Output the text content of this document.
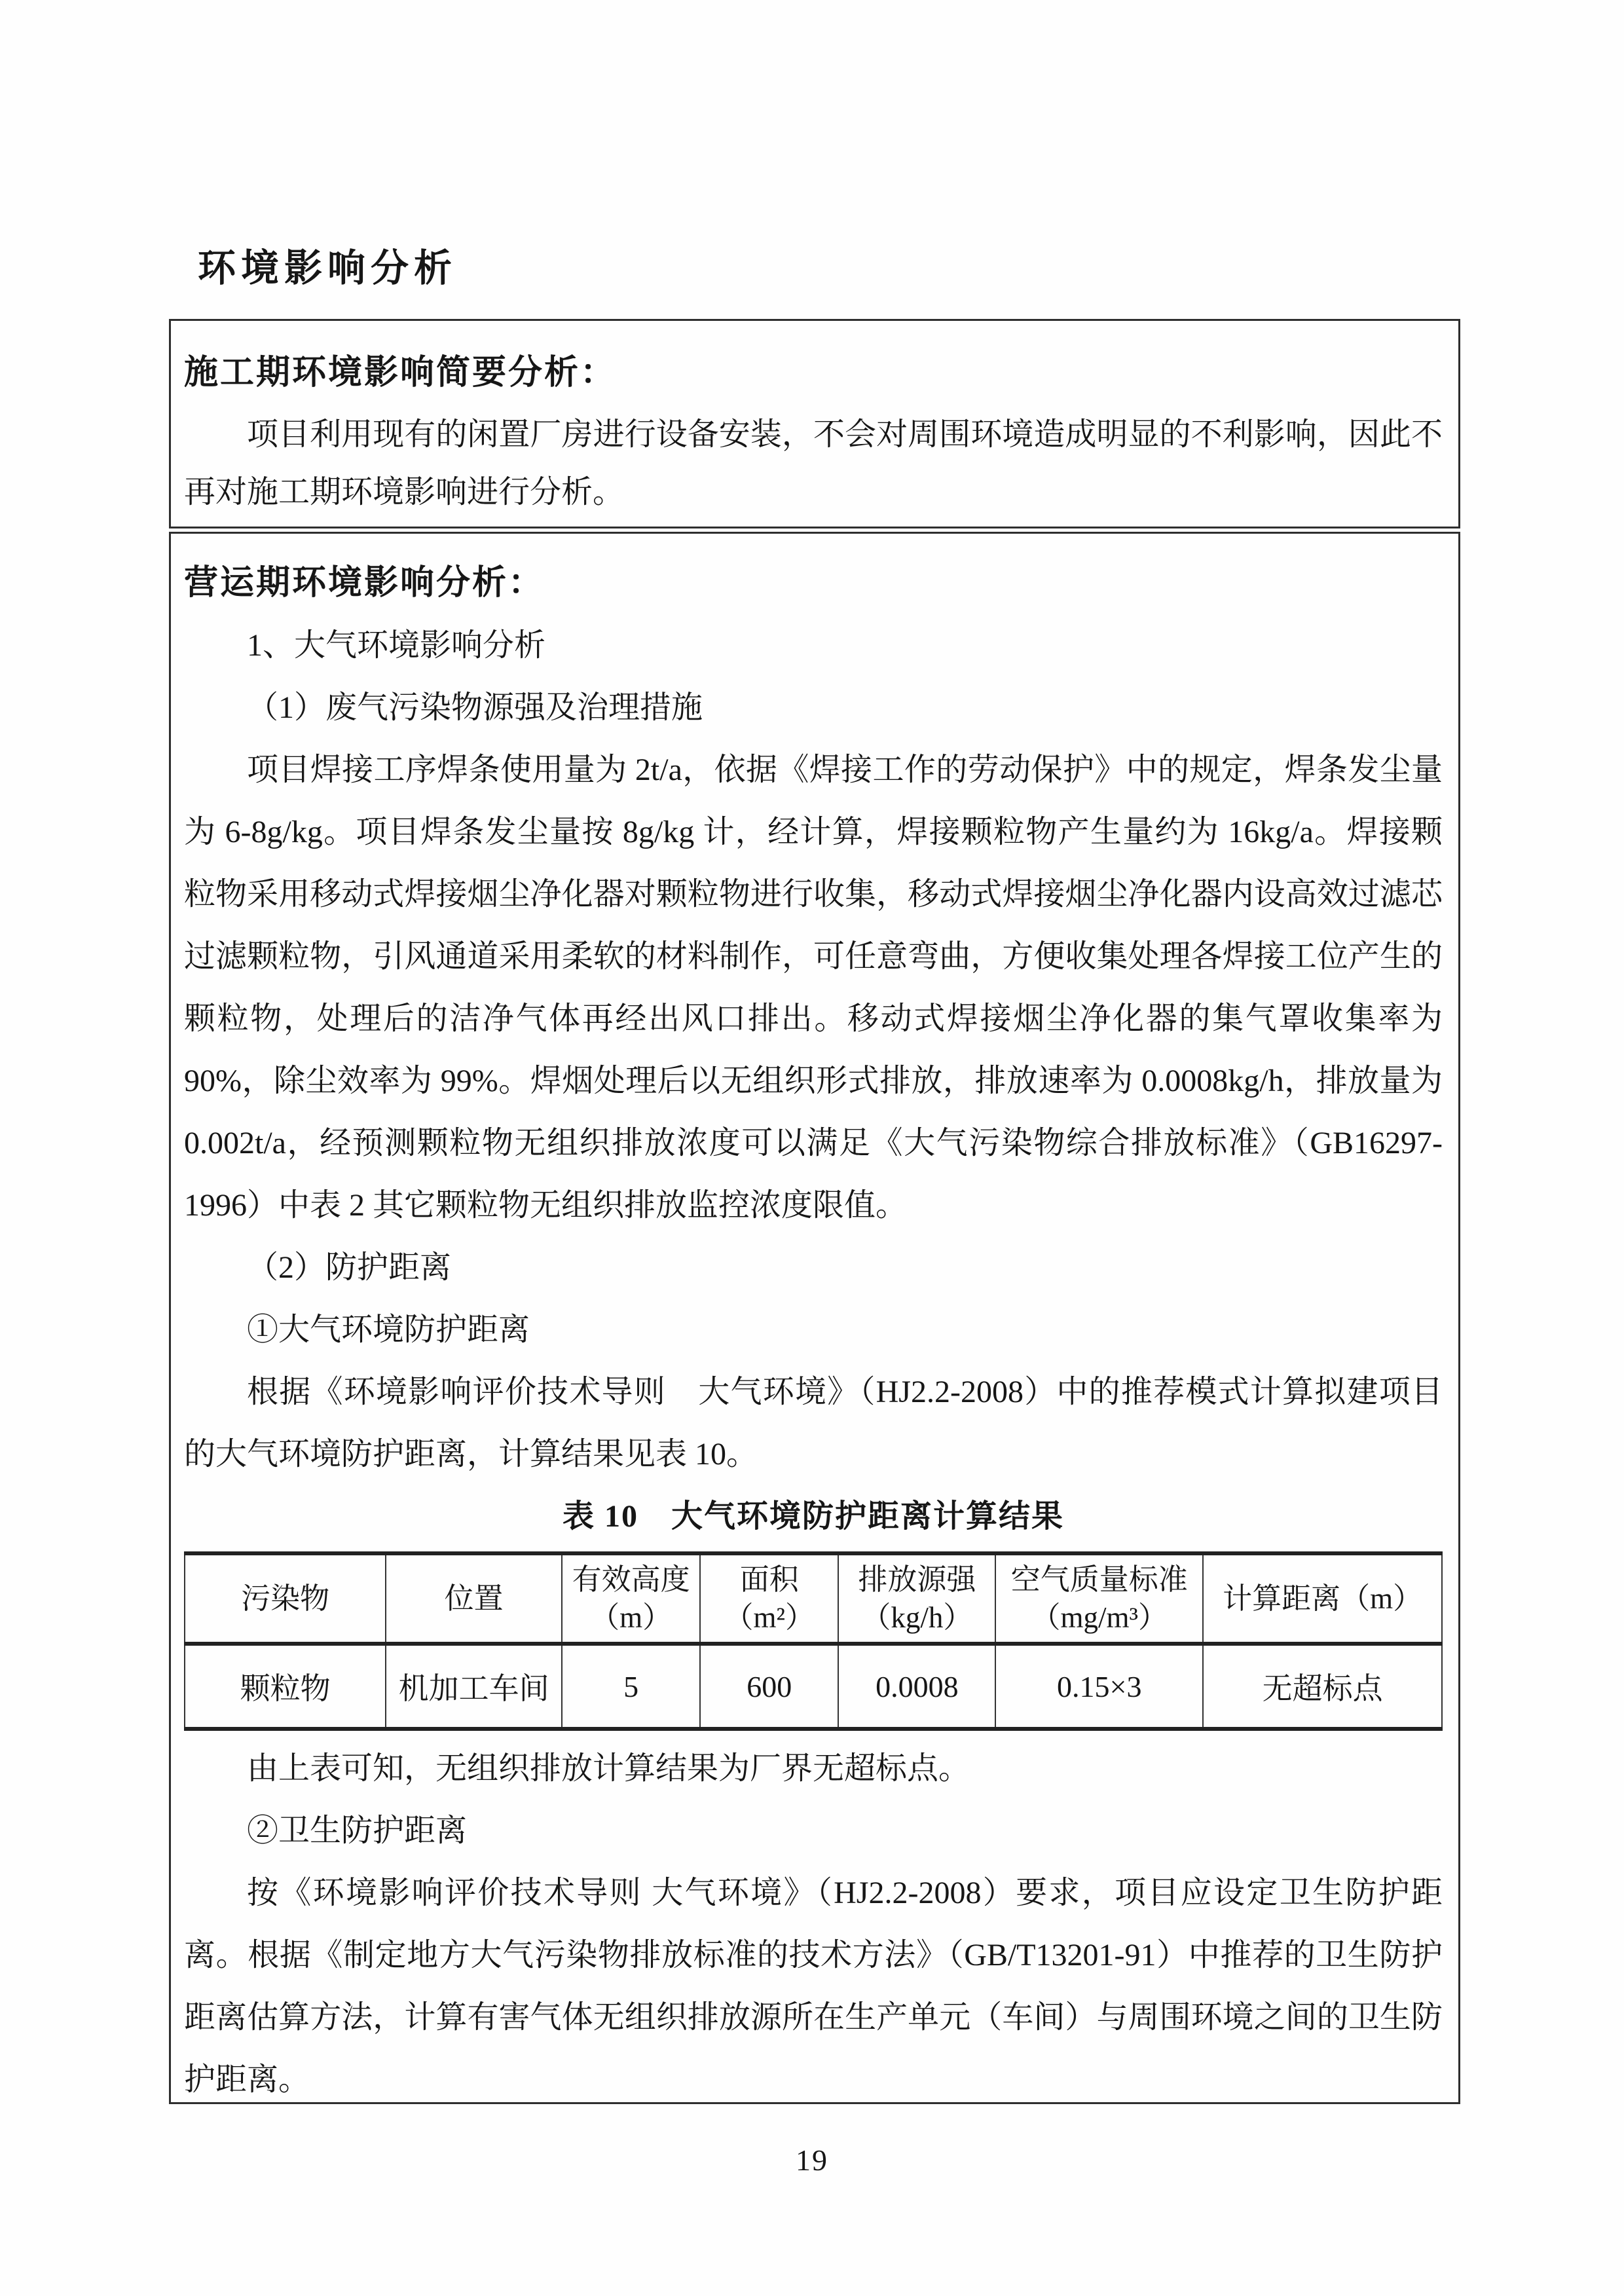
环境影响分析
施工期环境影响简要分析：

项目利用现有的闲置厂房进行设备安装，不会对周围环境造成明显的不利影响，因此不再对施工期环境影响进行分析。

营运期环境影响分析：
1、大气环境影响分析
（1）废气污染物源强及治理措施

项目焊接工序焊条使用量为 2t/a，依据《焊接工作的劳动保护》中的规定，焊条发尘量为 6-8g/kg。项目焊条发尘量按 8g/kg 计，经计算，焊接颗粒物产生量约为 16kg/a。焊接颗粒物采用移动式焊接烟尘净化器对颗粒物进行收集，移动式焊接烟尘净化器内设高效过滤芯过滤颗粒物，引风通道采用柔软的材料制作，可任意弯曲，方便收集处理各焊接工位产生的颗粒物，处理后的洁净气体再经出风口排出。移动式焊接烟尘净化器的集气罩收集率为 90%，除尘效率为 99%。焊烟处理后以无组织形式排放，排放速率为 0.0008kg/h，排放量为 0.002t/a，经预测颗粒物无组织排放浓度可以满足《大气污染物综合排放标准》（GB16297-1996）中表 2 其它颗粒物无组织排放监控浓度限值。

（2）防护距离
①大气环境防护距离

根据《环境影响评价技术导则　大气环境》（HJ2.2-2008）中的推荐模式计算拟建项目的大气环境防护距离，计算结果见表 10。

表 10　大气环境防护距离计算结果
污染物	位置	有效高度（m）	面积（m²）	排放源强（kg/h）	空气质量标准（mg/m³）	计算距离（m）
颗粒物	机加工车间	5	600	0.0008	0.15×3	无超标点

由上表可知，无组织排放计算结果为厂界无超标点。

②卫生防护距离

按《环境影响评价技术导则 大气环境》（HJ2.2-2008）要求，项目应设定卫生防护距离。根据《制定地方大气污染物排放标准的技术方法》（GB/T13201-91）中推荐的卫生防护距离估算方法，计算有害气体无组织排放源所在生产单元（车间）与周围环境之间的卫生防护距离。

19
